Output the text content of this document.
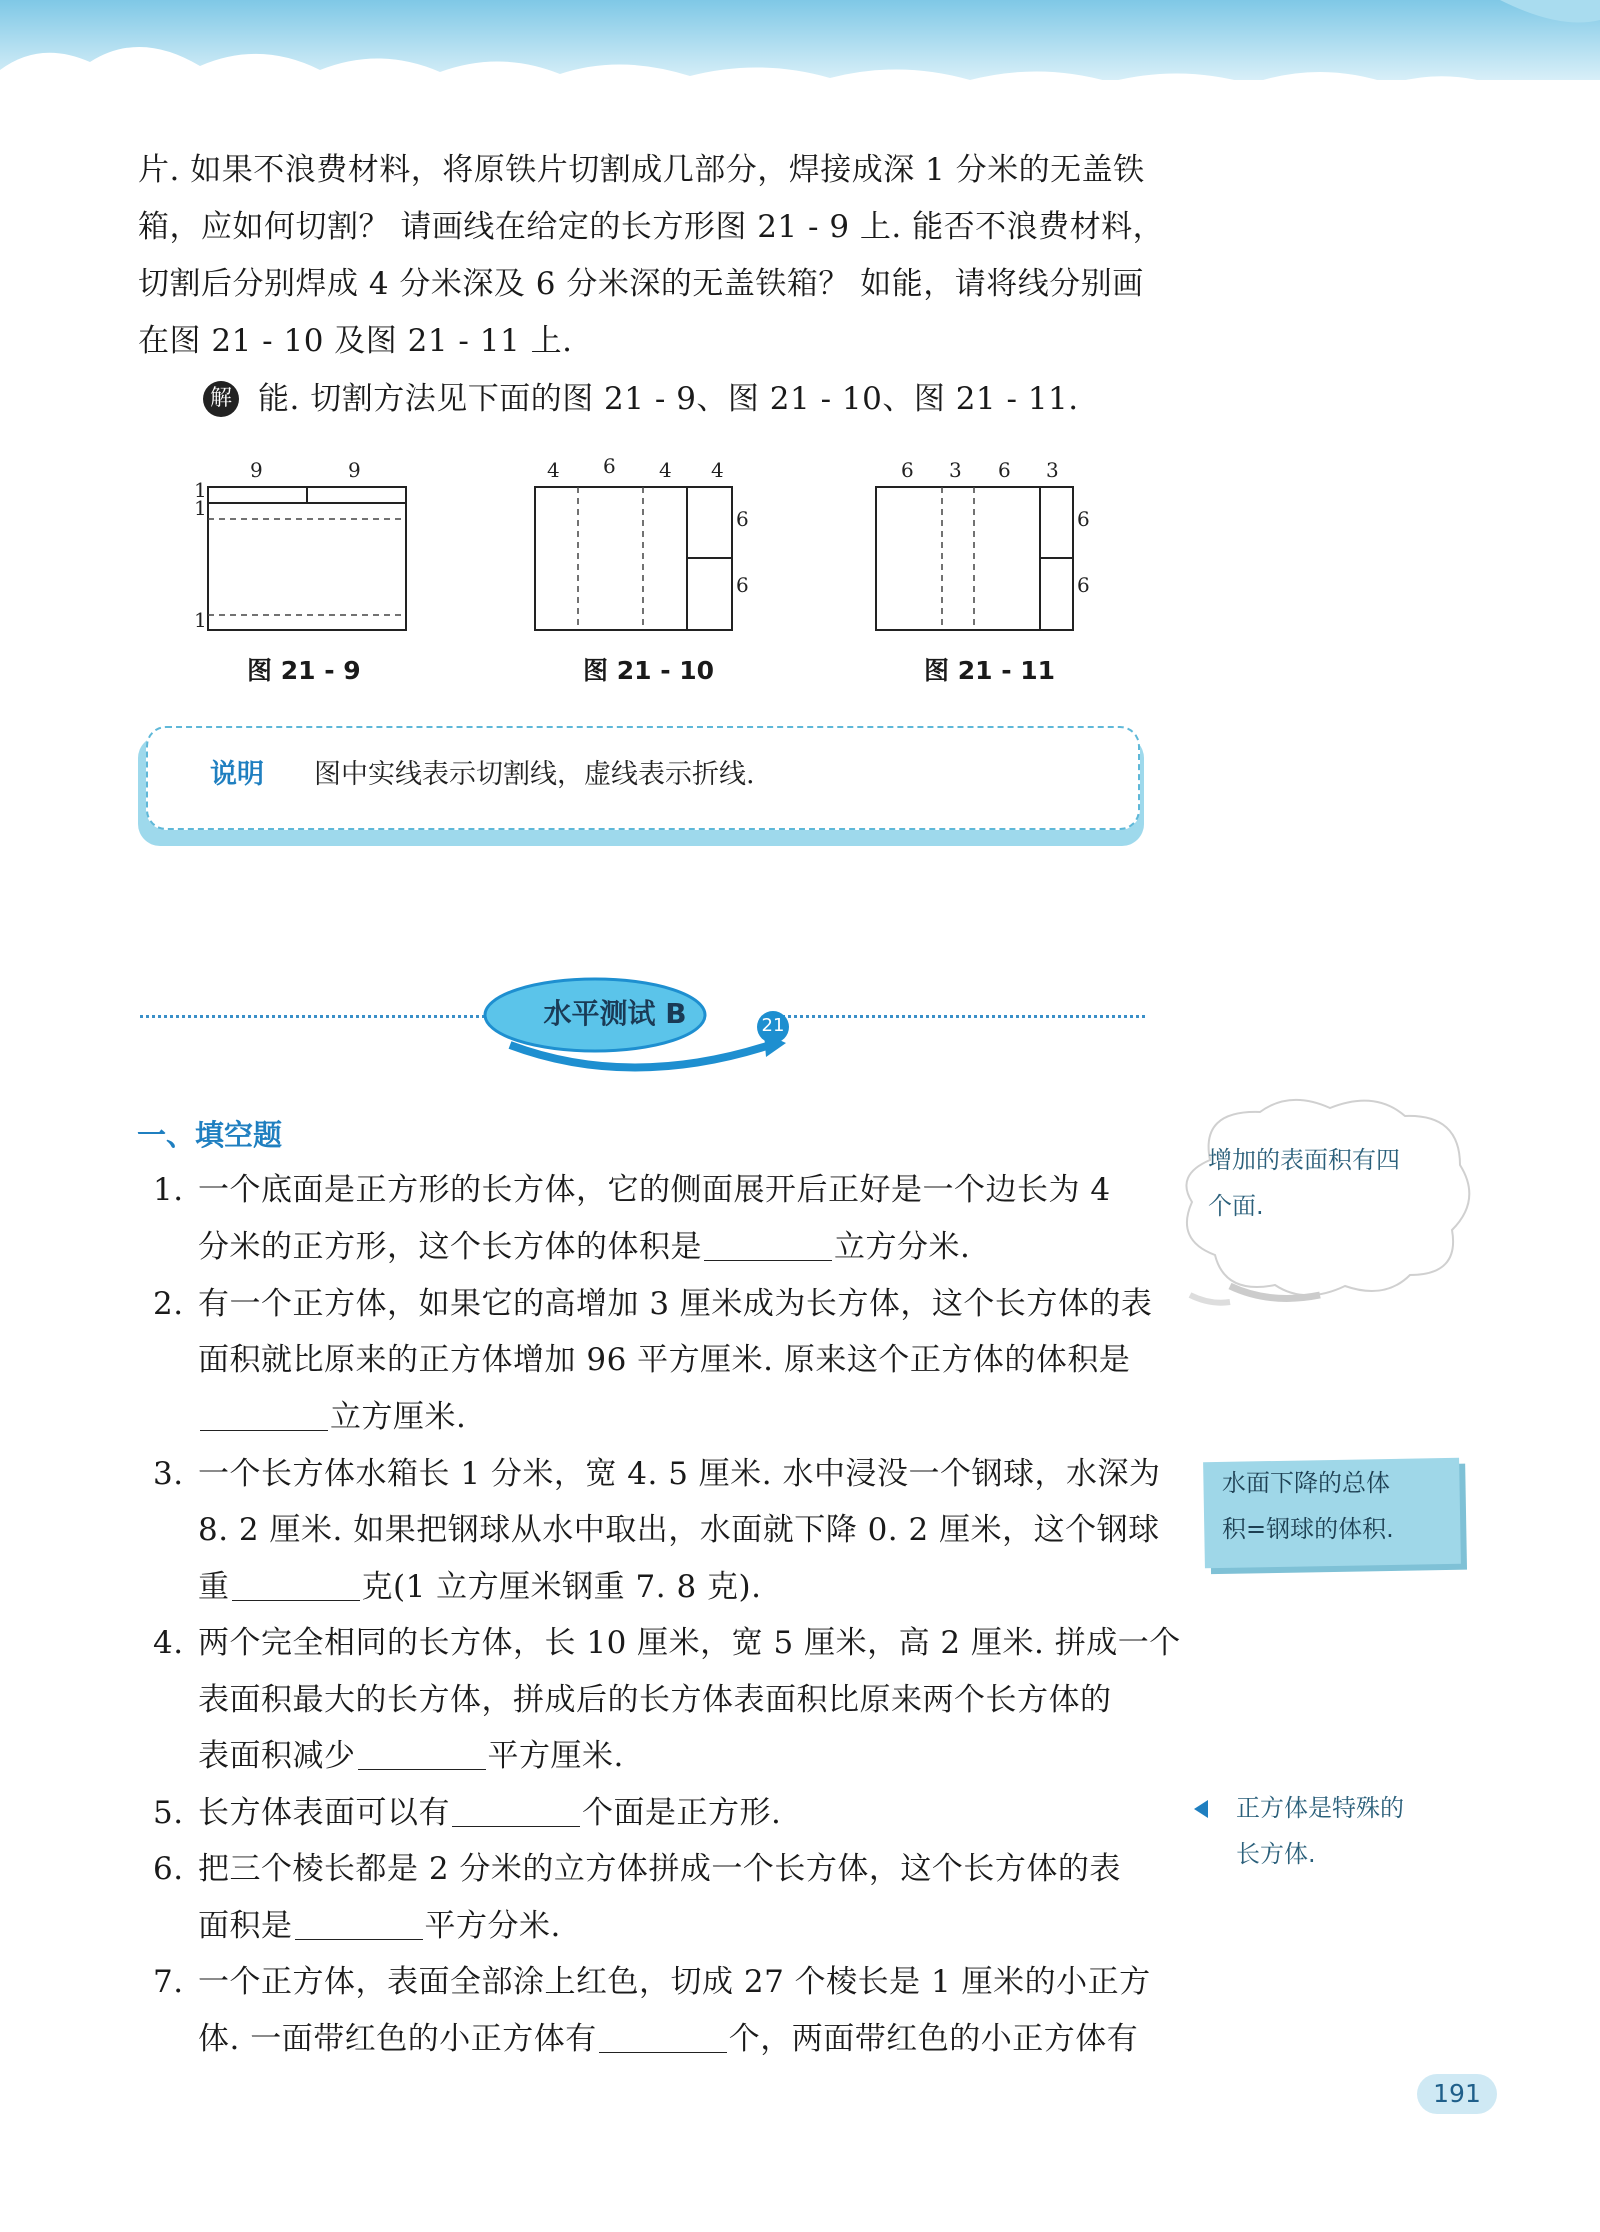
片. 如果不浪费材料，将原铁片切割成几部分，焊接成深 1 分米的无盖铁
箱，应如何切割？ 请画线在给定的长方形图 21 - 9 上. 能否不浪费材料，
切割后分别焊成 4 分米深及 6 分米深的无盖铁箱？ 如能，请将线分别画
在图 21 - 10 及图 21 - 11 上.
解 能. 切割方法见下面的图 21 - 9、图 21 - 10、图 21 - 11.
9	9
1
1
1
图 21 - 9
4 6 4 4
6
6
图 21 - 10
6 3 6 3
6
6
图 21 - 11
说明 图中实线表示切割线，虚线表示折线.
水平测试 B	21
一、填空题
1. 一个底面是正方形的长方体，它的侧面展开后正好是一个边长为 4
分米的正方形，这个长方体的体积是	立方分米.
2. 有一个正方体，如果它的高增加 3 厘米成为长方体，这个长方体的表
面积就比原来的正方体增加 96 平方厘米. 原来这个正方体的体积是
立方厘米.
3. 一个长方体水箱长 1 分米，宽 4. 5 厘米. 水中浸没一个钢球，水深为
8. 2 厘米. 如果把钢球从水中取出，水面就下降 0. 2 厘米，这个钢球
重	克(1 立方厘米钢重 7. 8 克).
4. 两个完全相同的长方体，长 10 厘米，宽 5 厘米，高 2 厘米. 拼成一个
表面积最大的长方体，拼成后的长方体表面积比原来两个长方体的
表面积减少	平方厘米.
5. 长方体表面可以有	个面是正方形.
6. 把三个棱长都是 2 分米的立方体拼成一个长方体，这个长方体的表
面积是	平方分米.
7. 一个正方体，表面全部涂上红色，切成 27 个棱长是 1 厘米的小正方
体. 一面带红色的小正方体有	个，两面带红色的小正方体有
增加的表面积有四
个面.
水面下降的总体
积=钢球的体积.
正方体是特殊的
长方体.
191
